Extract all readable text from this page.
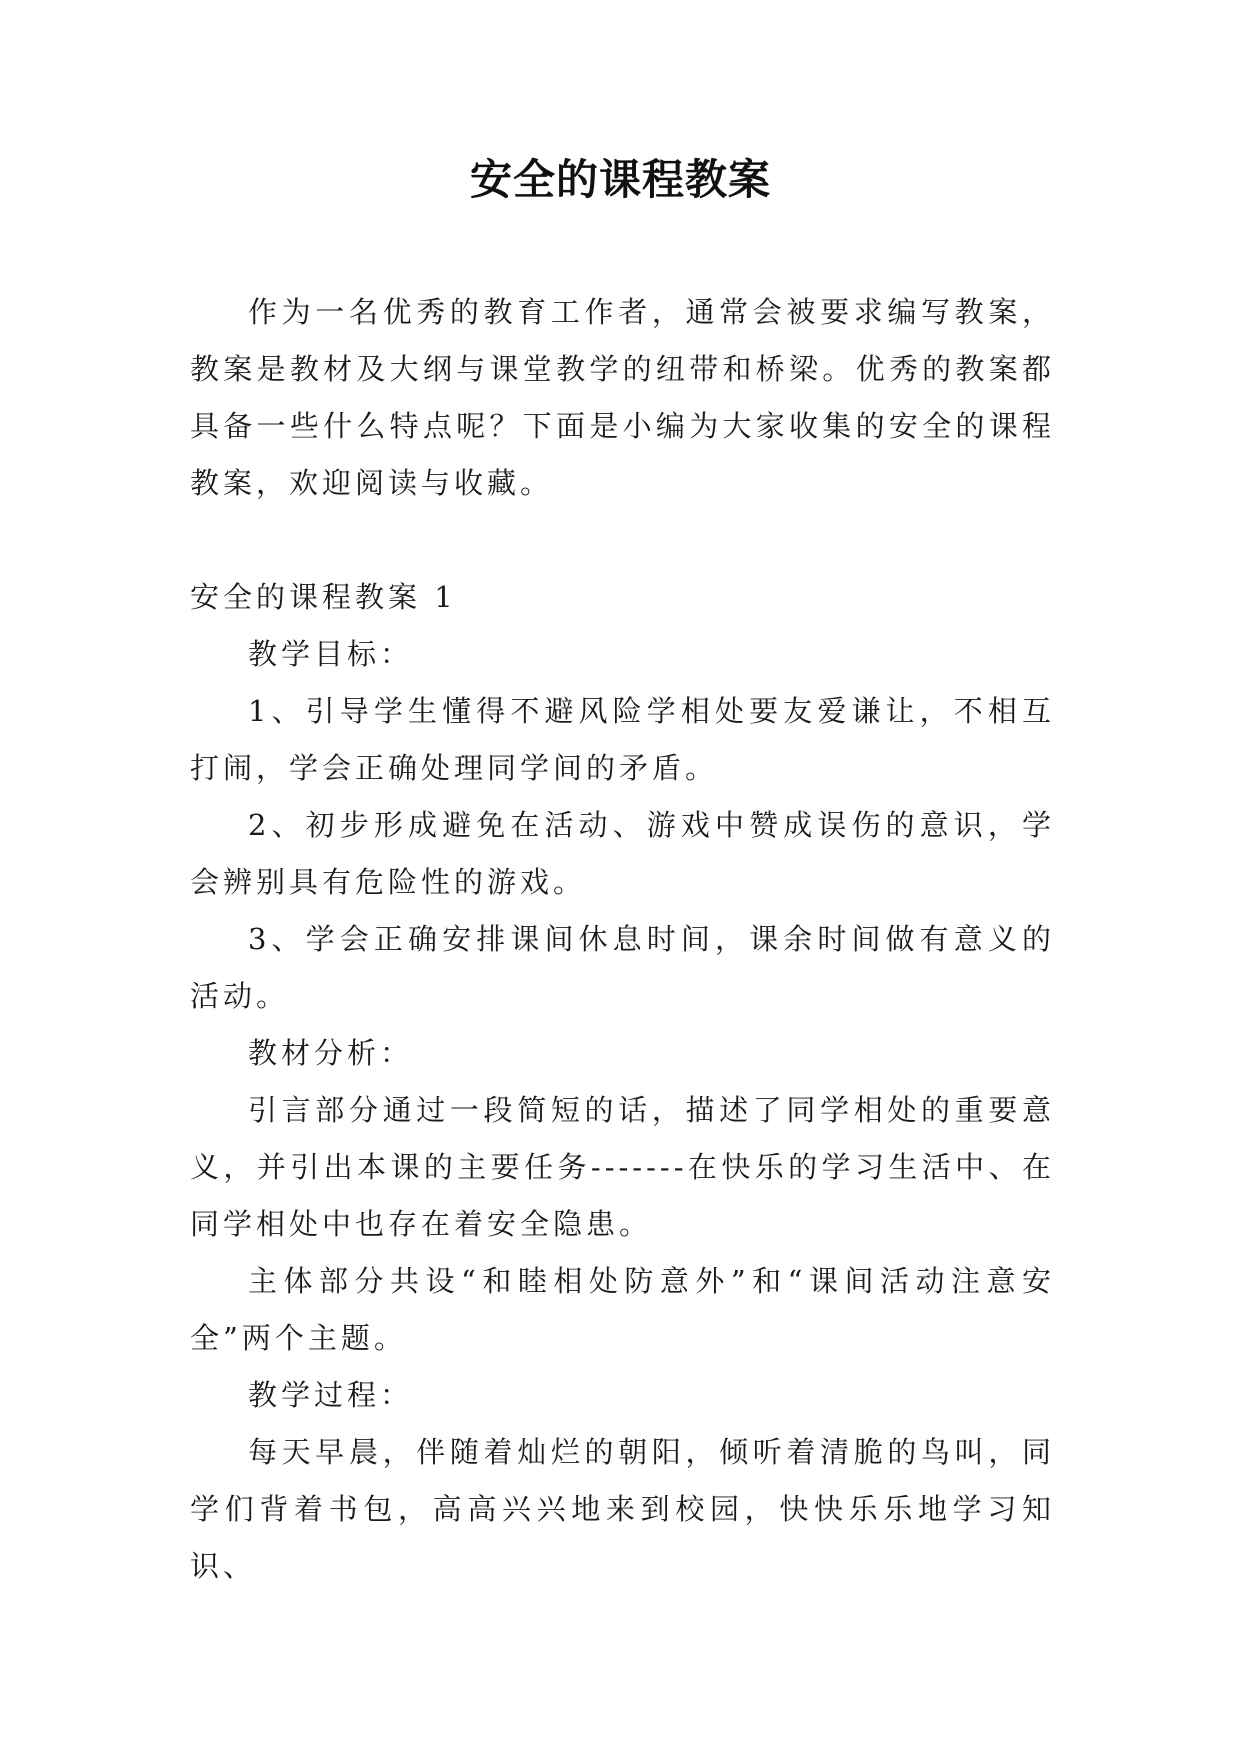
安全的课程教案

作为一名优秀的教育工作者，通常会被要求编写教案，教案是教材及大纲与课堂教学的纽带和桥梁。优秀的教案都具备一些什么特点呢？下面是小编为大家收集的安全的课程教案，欢迎阅读与收藏。

安全的课程教案 1

教学目标：

1、引导学生懂得不避风险学相处要友爱谦让，不相互打闹，学会正确处理同学间的矛盾。

2、初步形成避免在活动、游戏中赞成误伤的意识，学会辨别具有危险性的游戏。

3、学会正确安排课间休息时间，课余时间做有意义的活动。

教材分析：

引言部分通过一段简短的话，描述了同学相处的重要意义，并引出本课的主要任务-------在快乐的学习生活中、在同学相处中也存在着安全隐患。

主体部分共设“和睦相处防意外”和“课间活动注意安全”两个主题。

教学过程：

每天早晨，伴随着灿烂的朝阳，倾听着清脆的鸟叫，同学们背着书包，高高兴兴地来到校园，快快乐乐地学习知识、
